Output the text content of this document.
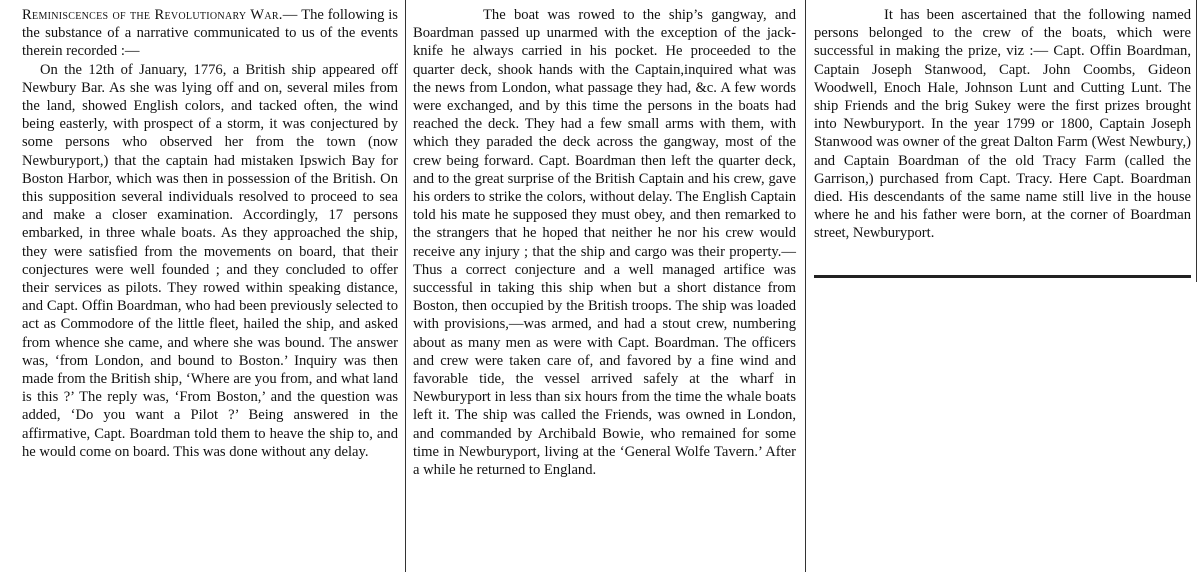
Reminiscences of the Revolutionary War.— The following is the substance of a narrative communicated to us of the events therein recorded :—

On the 12th of January, 1776, a British ship appeared off Newbury Bar. As she was lying off and on, several miles from the land, showed English colors, and tacked often, the wind being easterly, with prospect of a storm, it was conjectured by some persons who observed her from the town (now Newburyport,) that the captain had mistaken Ipswich Bay for Boston Harbor, which was then in possession of the British. On this supposition several individuals resolved to proceed to sea and make a closer examination. Accordingly, 17 persons embarked, in three whale boats. As they approached the ship, they were satisfied from the movements on board, that their conjectures were well founded ; and they concluded to offer their services as pilots. They rowed within speaking distance, and Capt. Offin Boardman, who had been previously selected to act as Commodore of the little fleet, hailed the ship, and asked from whence she came, and where she was bound. The answer was, ‘from London, and bound to Boston.’ Inquiry was then made from the British ship, ‘Where are you from, and what land is this ?’ The reply was, ‘From Boston,’ and the question was added, ‘Do you want a Pilot ?’ Being answered in the affirmative, Capt. Boardman told them to heave the ship to, and he would come on board. This was done without any delay.

The boat was rowed to the ship’s gangway, and Boardman passed up unarmed with the exception of the jack-knife he always carried in his pocket. He proceeded to the quarter deck, shook hands with the Captain,inquired what was the news from London, what passage they had, &c. A few words were exchanged, and by this time the persons in the boats had reached the deck. They had a few small arms with them, with which they paraded the deck across the gangway, most of the crew being forward. Capt. Boardman then left the quarter deck, and to the great surprise of the British Captain and his crew, gave his orders to strike the colors, without delay. The English Captain told his mate he supposed they must obey, and then remarked to the strangers that he hoped that neither he nor his crew would receive any injury ; that the ship and cargo was their property.— Thus a correct conjecture and a well managed artifice was successful in taking this ship when but a short distance from Boston, then occupied by the British troops. The ship was loaded with provisions,—was armed, and had a stout crew, numbering about as many men as were with Capt. Boardman. The officers and crew were taken care of, and favored by a fine wind and favorable tide, the vessel arrived safely at the wharf in Newburyport in less than six hours from the time the whale boats left it. The ship was called the Friends, was owned in London, and commanded by Archibald Bowie, who remained for some time in Newburyport, living at the ‘General Wolfe Tavern.’ After a while he returned to England.

It has been ascertained that the following named persons belonged to the crew of the boats, which were successful in making the prize, viz :— Capt. Offin Boardman, Captain Joseph Stanwood, Capt. John Coombs, Gideon Woodwell, Enoch Hale, Johnson Lunt and Cutting Lunt. The ship Friends and the brig Sukey were the first prizes brought into Newburyport. In the year 1799 or 1800, Captain Joseph Stanwood was owner of the great Dalton Farm (West Newbury,) and Captain Boardman of the old Tracy Farm (called the Garrison,) purchased from Capt. Tracy. Here Capt. Boardman died. His descendants of the same name still live in the house where he and his father were born, at the corner of Boardman street, Newburyport.
